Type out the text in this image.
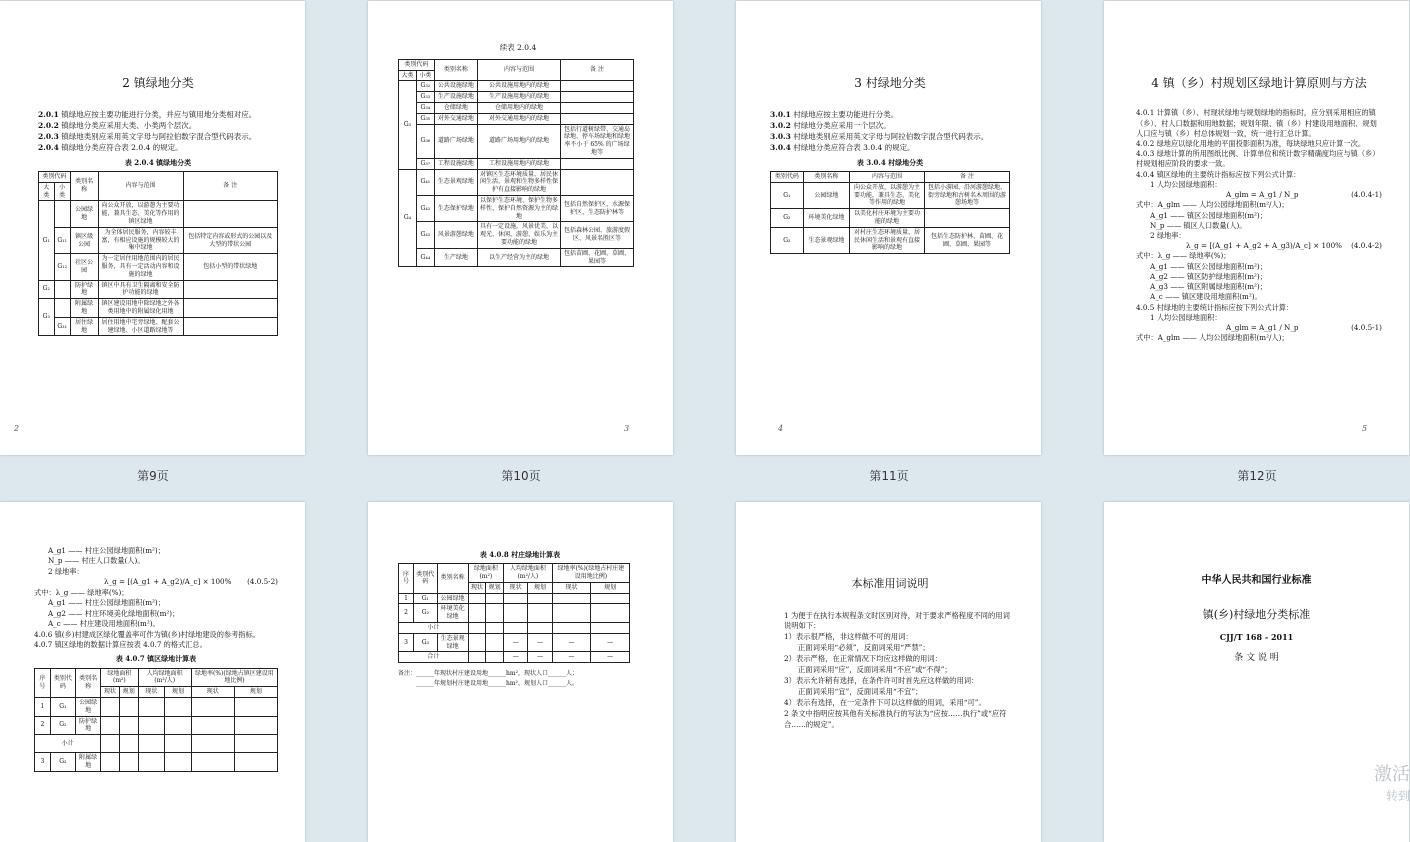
2 镇绿地分类

2.0.1 镇绿地应按主要功能进行分类，并应与镇用地分类相对应。

2.0.2 镇绿地分类应采用大类、小类两个层次。

2.0.3 镇绿地类别应采用英文字母与阿拉伯数字混合型代码表示。

2.0.4 镇绿地分类应符合表 2.0.4 的规定。

表 2.0.4 镇绿地分类
类别代码		类别名称	内容与范围	备 注
大类	小类			
G₁		公园绿地	向公众开放，以游憩为主要功能，兼具生态、美化等作用的镇区绿地	
	G₁₁	镇区级公园	为全体居民服务，内容较丰富，有相应设施的规模较大的集中绿地	包括特定内容或形式的公园以及大型的带状公园
	G₁₂	社区公园	为一定居住用地范围内的居民服务，具有一定活动内容和设施的绿地	包括小型的带状绿地
G₂		防护绿地	镇区中具有卫生隔离和安全防护功能的绿地	
G₃		附属绿地	镇区建设用地中除绿地之外各类用地中的附属绿化用地	
	G₃₁	居住绿地	居住用地中宅旁绿地、配套公建绿地、小区道路绿地等	
2
第9页
续表 2.0.4
类别代码		类别名称	内容与范围	备 注
大类	小类			
G₃	G₃₂	公共设施绿地	公共设施用地内的绿地	
	G₃₃	生产设施绿地	生产设施用地内的绿地	
	G₃₄	仓储绿地	仓储用地内的绿地	
	G₃₅	对外交通绿地	对外交通用地内的绿地	
	G₃₆	道路广场绿地	道路广场用地内的绿地	包括行道树绿带、交通岛绿地、停车场绿地和绿地率不小于 65% 的广场绿地等
	G₃₇	工程设施绿地	工程设施用地内的绿地	
G₄	G₄₁	生态景观绿地	对镇区生态环境质量、居民休闲生活、景观和生物多样性保护有直接影响的绿地	
	G₄₂	生态保护绿地	以保护生态环境、保护生物多样性、保护自然资源为主的绿地	包括自然保护区、水源保护区、生态防护林等
	G₄₃	风景游憩绿地	具有一定设施，风景优美，以观光、休闲、游憩、娱乐为主要功能的绿地	包括森林公园、旅游度假区、风景名胜区等
	G₄₄	生产绿地	以生产经营为主的绿地	包括苗圃、花圃、草圃、果园等
3
第10页

3 村绿地分类

3.0.1 村绿地应按主要功能进行分类。

3.0.2 村绿地分类应采用一个层次。

3.0.3 村绿地类别应采用英文字母与阿拉伯数字混合型代码表示。

3.0.4 村绿地分类应符合表 3.0.4 的规定。

表 3.0.4 村绿地分类
类别代码	类别名称	内容与范围	备 注
G₁	公园绿地	向公众开放，以游憩为主要功能，兼具生态、美化等作用的绿地	包括小游园、沿河游憩绿地、街旁绿地和古树名木周围的游憩场地等
G₂	环境美化绿地	以美化村庄环境为主要功能的绿地	
G₃	生态景观绿地	对村庄生态环境质量、居民休闲生活和景观有直接影响的绿地	包括生态防护林、苗圃、花圃、草圃、果园等
4
第11页

4 镇（乡）村规划区绿地计算原则与方法

4.0.1 计算镇（乡）、村现状绿地与规划绿地的指标时，应分别采用相应的镇（乡）、村人口数据和用地数据；规划年限、镇（乡）村建设用地面积、规划人口应与镇（乡）村总体规划一致，统一进行汇总计算。
4.0.2 绿地应以绿化用地的平面投影面积为准，每块绿地只应计算一次。
4.0.3 绿地计算的所用图纸比例、计算单位和统计数字精确度均应与镇（乡）村规划相应阶段的要求一致。
4.0.4 镇区绿地的主要统计指标应按下列公式计算：
1 人均公园绿地面积：
A_glm = A_g1 / N_p	(4.0.4-1)
式中：A_glm —— 人均公园绿地面积(m²/人)；
A_g1 —— 镇区公园绿地面积(m²)；
N_p —— 镇区人口数量(人)。
2 绿地率：
λ_g = [(A_g1 + A_g2 + A_g3)/A_c] × 100% (4.0.4-2)
式中：λ_g —— 绿地率(%)；
A_g1 —— 镇区公园绿地面积(m²)；
A_g2 —— 镇区防护绿地面积(m²)；
A_g3 —— 镇区附属绿地面积(m²)；
A_c —— 镇区建设用地面积(m²)。
4.0.5 村绿地的主要统计指标应按下列公式计算：
1 人均公园绿地面积：
A_glm = A_g1 / N_p	(4.0.5-1)
式中：A_glm —— 人均公园绿地面积(m²/人)；
5
第12页
A_g1 —— 村庄公园绿地面积(m²)；
N_p —— 村庄人口数量(人)。
2 绿地率：
λ_g = [(A_g1 + A_g2)/A_c] × 100% (4.0.5-2)
式中：λ_g —— 绿地率(%)；
A_g1 —— 村庄公园绿地面积(m²)；
A_g2 —— 村庄环境美化绿地面积(m²)；
A_c —— 村庄建设用地面积(m²)。
4.0.6 镇(乡)村建成区绿化覆盖率可作为镇(乡)村绿地建设的参考指标。
4.0.7 镇区绿地的数据计算应按表 4.0.7 的格式汇总。
表 4.0.7 镇区绿地计算表
序号	类别代码	类别名称	绿地面积(m²)		人均绿地面积(m²/人)		绿地率(%)(绿地占镇区建设用地比例)	
			现状	规划	现状	规划	现状	规划
1	G₁	公园绿地						
2	G₂	防护绿地						
小计								
3	G₃	附属绿地						
表 4.0.8 村庄绿地计算表
序号	类别代码	类别名称	绿地面积(m²)		人均绿地面积(m²/人)		绿地率(%)(绿地占村庄建设用地比例)	
			现状	规划	现状	规划	现状	规划
1	G₁	公园绿地						
2	G₂	环境美化绿地						
小计								
3	G₃	生态景观绿地			—	—	—	—
合计					—	—	—	—
备注：______年现状村庄建设用地______hm²，现状人口______人；
______年规划村庄建设用地______hm²，规划人口______人。

本标准用词说明

1 为便于在执行本规程条文时区别对待，对于要求严格程度不同的用词说明如下：
1）表示很严格，非这样做不可的用词：
正面词采用“必须”，反面词采用“严禁”；
2）表示严格，在正常情况下均应这样做的用词：
正面词采用“应”，反面词采用“不应”或“不得”；
3）表示允许稍有选择，在条件许可时首先应这样做的用词：
正面词采用“宜”，反面词采用“不宜”；
4）表示有选择，在一定条件下可以这样做的用词，采用“可”。
2 条文中指明应按其他有关标准执行的写法为“应按……执行”或“应符合……的规定”。
中华人民共和国行业标准
镇(乡)村绿地分类标准
CJJ/T 168 - 2011
条 文 说 明
激活
转到
